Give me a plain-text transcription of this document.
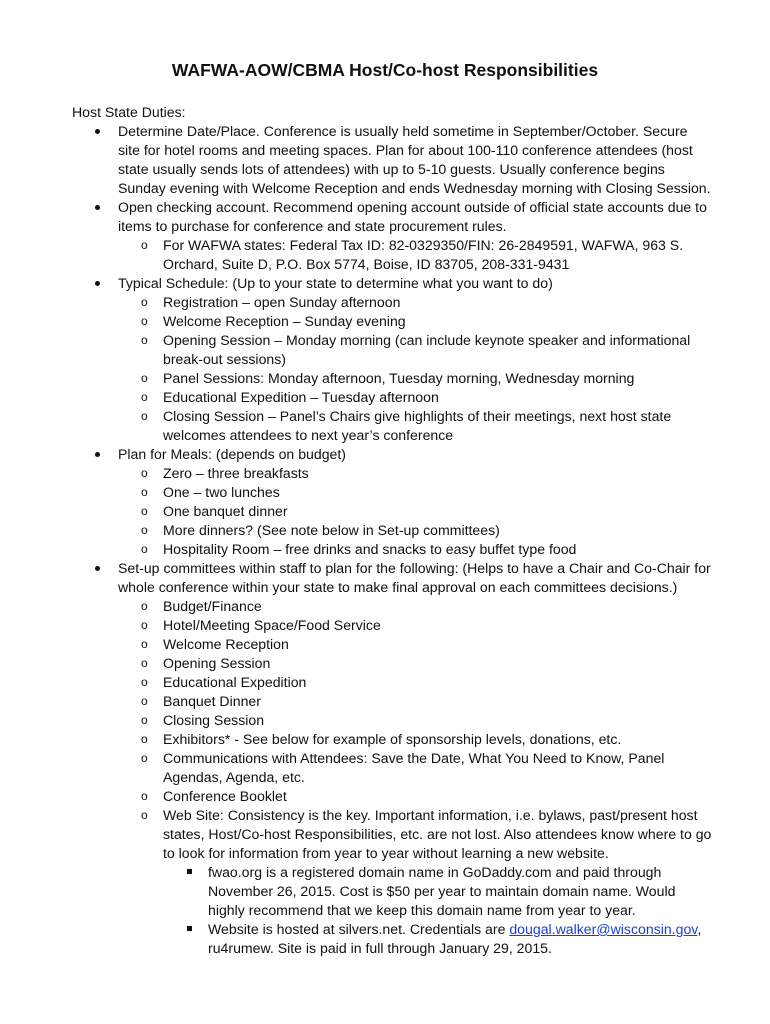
WAFWA-AOW/CBMA Host/Co-host Responsibilities
Host State Duties:
Determine Date/Place. Conference is usually held sometime in September/October. Secure site for hotel rooms and meeting spaces. Plan for about 100-110 conference attendees (host state usually sends lots of attendees) with up to 5-10 guests. Usually conference begins Sunday evening with Welcome Reception and ends Wednesday morning with Closing Session.
Open checking account. Recommend opening account outside of official state accounts due to items to purchase for conference and state procurement rules.
o For WAFWA states: Federal Tax ID: 82-0329350/FIN: 26-2849591, WAFWA, 963 S. Orchard, Suite D, P.O. Box 5774, Boise, ID 83705, 208-331-9431
Typical Schedule: (Up to your state to determine what you want to do)
o Registration – open Sunday afternoon
o Welcome Reception – Sunday evening
o Opening Session – Monday morning (can include keynote speaker and informational break-out sessions)
o Panel Sessions: Monday afternoon, Tuesday morning, Wednesday morning
o Educational Expedition – Tuesday afternoon
o Closing Session – Panel’s Chairs give highlights of their meetings, next host state welcomes attendees to next year’s conference
Plan for Meals: (depends on budget)
o Zero – three breakfasts
o One – two lunches
o One banquet dinner
o More dinners? (See note below in Set-up committees)
o Hospitality Room – free drinks and snacks to easy buffet type food
Set-up committees within staff to plan for the following: (Helps to have a Chair and Co-Chair for whole conference within your state to make final approval on each committees decisions.)
o Budget/Finance
o Hotel/Meeting Space/Food Service
o Welcome Reception
o Opening Session
o Educational Expedition
o Banquet Dinner
o Closing Session
o Exhibitors* - See below for example of sponsorship levels, donations, etc.
o Communications with Attendees: Save the Date, What You Need to Know, Panel Agendas, Agenda, etc.
o Conference Booklet
o Web Site: Consistency is the key. Important information, i.e. bylaws, past/present host states, Host/Co-host Responsibilities, etc. are not lost. Also attendees know where to go to look for information from year to year without learning a new website.
fwao.org is a registered domain name in GoDaddy.com and paid through November 26, 2015. Cost is $50 per year to maintain domain name. Would highly recommend that we keep this domain name from year to year.
Website is hosted at silvers.net. Credentials are dougal.walker@wisconsin.gov, ru4rumew. Site is paid in full through January 29, 2015.
